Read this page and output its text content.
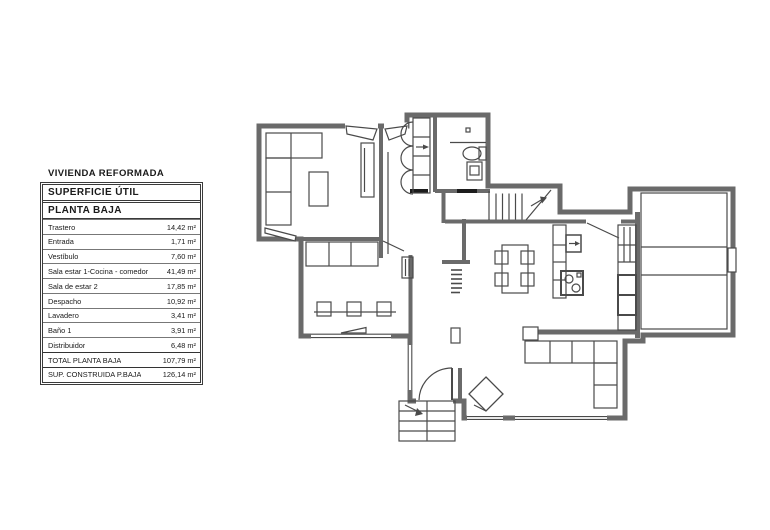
VIVIENDA REFORMADA
SUPERFICIE ÚTIL
PLANTA BAJA
Trastero	14,42 m²
Entrada	1,71 m²
Vestíbulo	7,60 m²
Sala estar 1-Cocina - comedor	41,49 m²
Sala de estar 2	17,85 m²
Despacho	10,92 m²
Lavadero	3,41 m²
Baño 1	3,91 m²
Distribuidor	6,48 m²
TOTAL PLANTA BAJA	107,79 m²
SUP. CONSTRUIDA P.BAJA	126,14 m²
